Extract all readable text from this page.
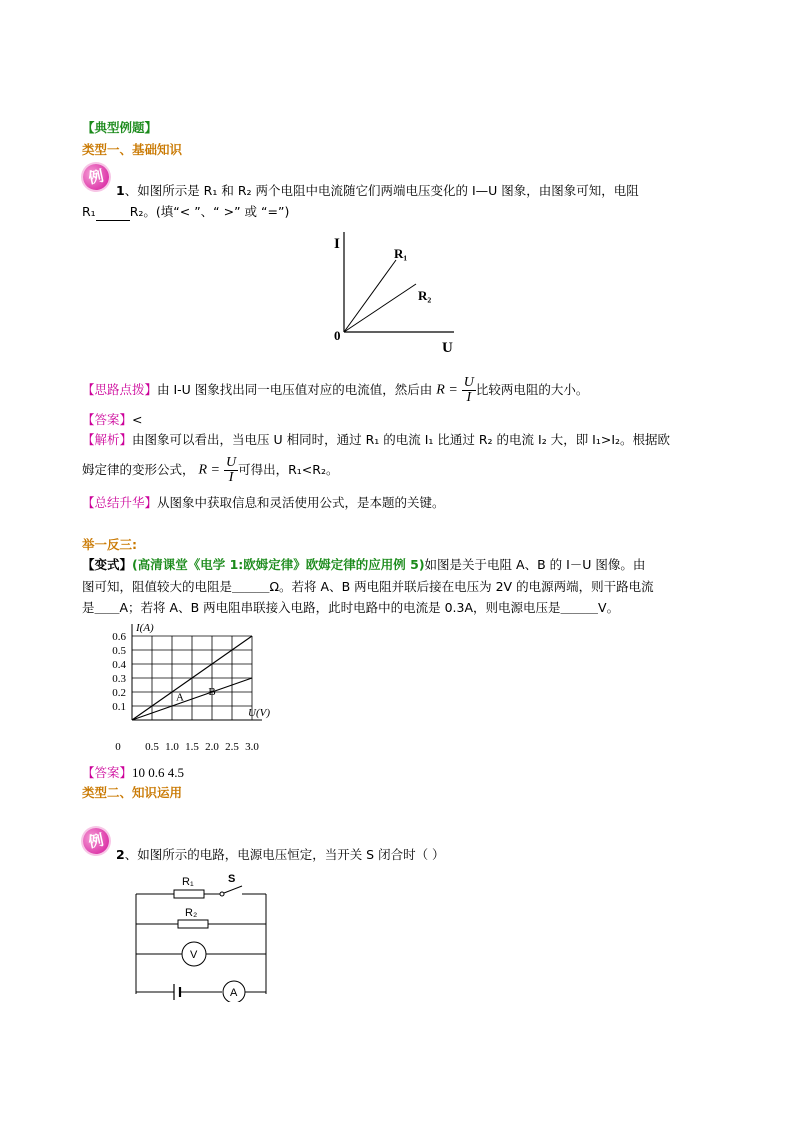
【典型例题】
类型一、基础知识
例
1、如图所示是 R₁ 和 R₂ 两个电阻中电流随它们两端电压变化的 I—U 图象，由图象可知，电阻
R₁	R₂。(填“< ”、“ >” 或 “=”)
I
U
0
R₁
R₂
【思路点拨】由 I-U 图象找出同一电压值对应的电流值，然后由 $R = \frac{U}{I}$ 比较两电阻的大小。
【答案】<
【解析】由图象可以看出，当电压 U 相同时，通过 R₁ 的电流 I₁ 比通过 R₂ 的电流 I₂ 大，即 I₁>I₂。根据欧
姆定律的变形公式， $R = \frac{U}{I}$ 可得出，R₁<R₂。
【总结升华】从图象中获取信息和灵活使用公式，是本题的关键。
举一反三:
【变式】(高清课堂《电学 1:欧姆定律》欧姆定律的应用例 5)如图是关于电阻 A、B 的 I－U 图像。由
图可知，阻值较大的电阻是＿＿＿Ω。若将 A、B 两电阻并联后接在电压为 2V 的电源两端，则干路电流
是＿＿A；若将 A、B 两电阻串联接入电路，此时电路中的电流是 0.3A，则电源电压是＿＿＿V。
0.1
0.2
0.3
0.4
0.5
0.6
0.5 1.0 1.5 2.0 2.5 3.0
0
I(A)
U(V)
A B
【答案】10 0.6 4.5
类型二、知识运用
例
2、如图所示的电路，电源电压恒定，当开关 S 闭合时（ ）
R₁	S
R₂
V
A
